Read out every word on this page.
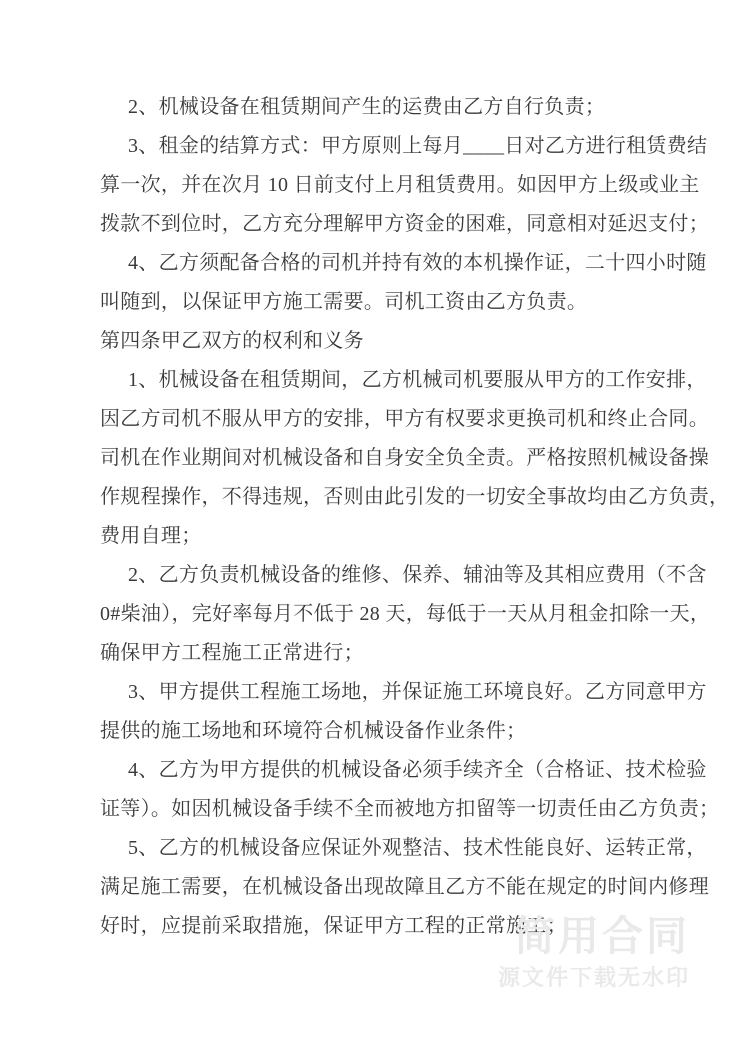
2、机械设备在租赁期间产生的运费由乙方自行负责；
3、租金的结算方式：甲方原则上每月____日对乙方进行租赁费结
算一次，并在次月 10 日前支付上月租赁费用。如因甲方上级或业主
拨款不到位时，乙方充分理解甲方资金的困难，同意相对延迟支付；
4、乙方须配备合格的司机并持有效的本机操作证，二十四小时随
叫随到，以保证甲方施工需要。司机工资由乙方负责。
第四条甲乙双方的权利和义务
1、机械设备在租赁期间，乙方机械司机要服从甲方的工作安排，
因乙方司机不服从甲方的安排，甲方有权要求更换司机和终止合同。
司机在作业期间对机械设备和自身安全负全责。严格按照机械设备操
作规程操作，不得违规，否则由此引发的一切安全事故均由乙方负责，
费用自理；
2、乙方负责机械设备的维修、保养、辅油等及其相应费用（不含
0#柴油），完好率每月不低于 28 天，每低于一天从月租金扣除一天，
确保甲方工程施工正常进行；
3、甲方提供工程施工场地，并保证施工环境良好。乙方同意甲方
提供的施工场地和环境符合机械设备作业条件；
4、乙方为甲方提供的机械设备必须手续齐全（合格证、技术检验
证等）。如因机械设备手续不全而被地方扣留等一切责任由乙方负责；
5、乙方的机械设备应保证外观整洁、技术性能良好、运转正常，
满足施工需要，在机械设备出现故障且乙方不能在规定的时间内修理
好时，应提前采取措施，保证甲方工程的正常施工；
简用合同
源文件下载无水印
